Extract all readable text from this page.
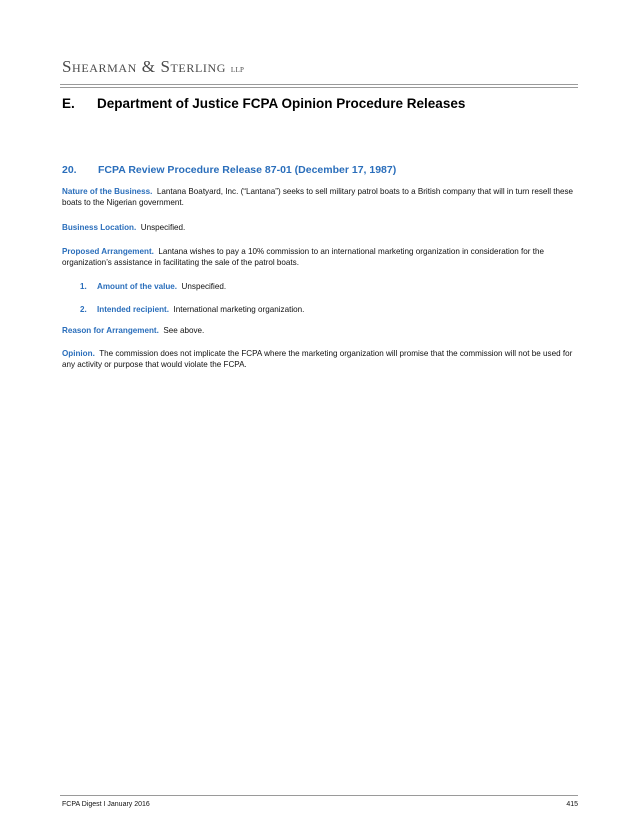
Shearman & Sterling LLP
E. Department of Justice FCPA Opinion Procedure Releases
20. FCPA Review Procedure Release 87-01 (December 17, 1987)
Nature of the Business. Lantana Boatyard, Inc. (“Lantana”) seeks to sell military patrol boats to a British company that will in turn resell these boats to the Nigerian government.
Business Location. Unspecified.
Proposed Arrangement. Lantana wishes to pay a 10% commission to an international marketing organization in consideration for the organization’s assistance in facilitating the sale of the patrol boats.
1. Amount of the value. Unspecified.
2. Intended recipient. International marketing organization.
Reason for Arrangement. See above.
Opinion. The commission does not implicate the FCPA where the marketing organization will promise that the commission will not be used for any activity or purpose that would violate the FCPA.
FCPA Digest I January 2016	415
